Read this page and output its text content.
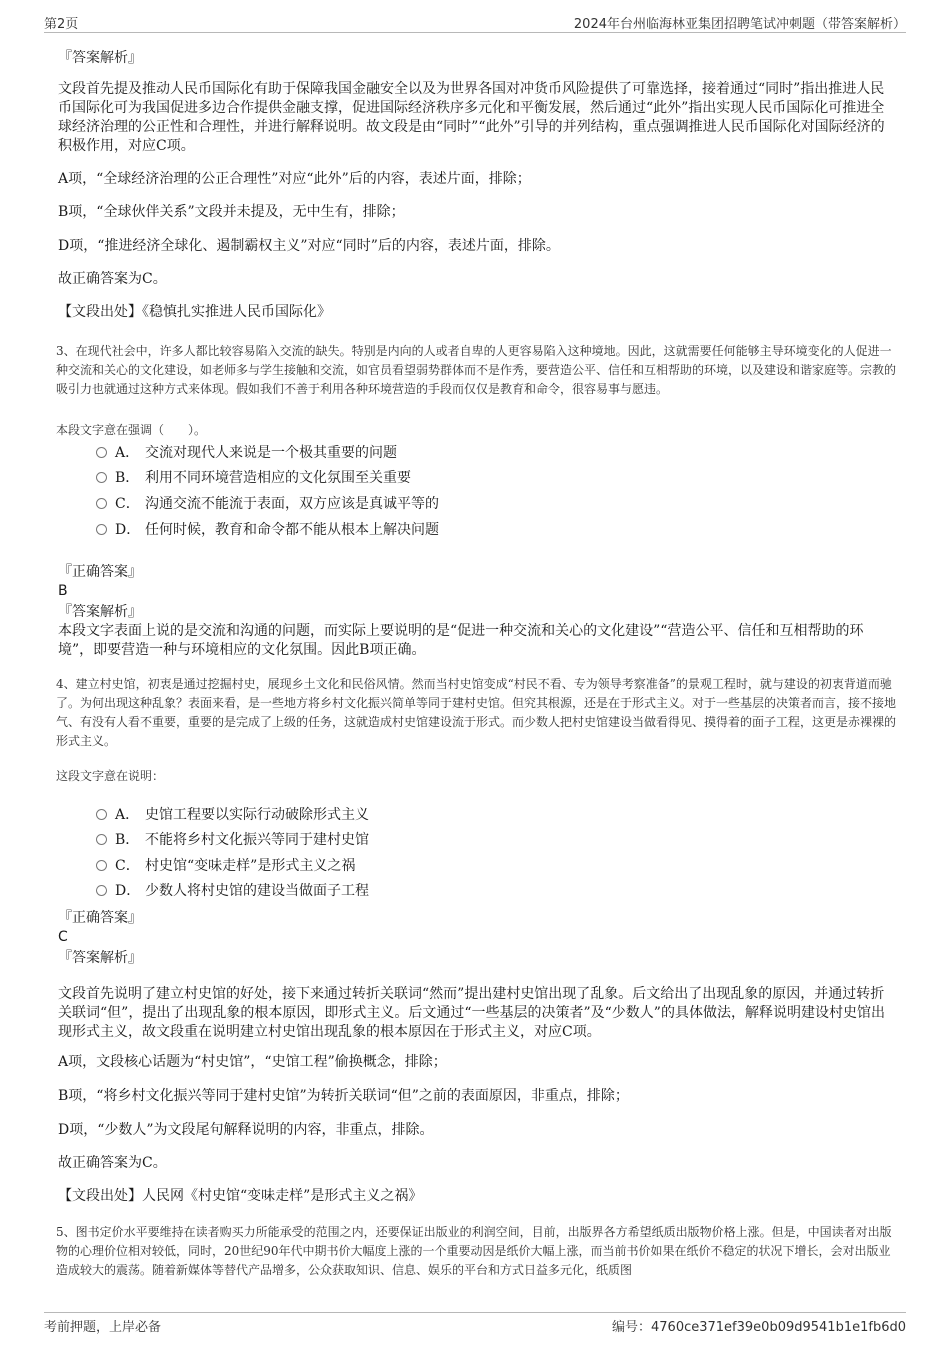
第2页	2024年台州临海林亚集团招聘笔试冲刺题（带答案解析）
『答案解析』
文段首先提及推动人民币国际化有助于保障我国金融安全以及为世界各国对冲货币风险提供了可靠选择，接着通过“同时”指出推进人民币国际化可为我国促进多边合作提供金融支撑，促进国际经济秩序多元化和平衡发展，然后通过“此外”指出实现人民币国际化可推进全球经济治理的公正性和合理性，并进行解释说明。故文段是由“同时”“此外”引导的并列结构，重点强调推进人民币国际化对国际经济的积极作用，对应C项。
A项，“全球经济治理的公正合理性”对应“此外”后的内容，表述片面，排除；
B项，“全球伙伴关系”文段并未提及，无中生有，排除；
D项，“推进经济全球化、遏制霸权主义”对应“同时”后的内容，表述片面，排除。
故正确答案为C。
【文段出处】《稳慎扎实推进人民币国际化》
3、在现代社会中，许多人都比较容易陷入交流的缺失。特别是内向的人或者自卑的人更容易陷入这种境地。因此，这就需要任何能够主导环境变化的人促进一种交流和关心的文化建设，如老师多与学生接触和交流，如官员看望弱势群体而不是作秀，要营造公平、信任和互相帮助的环境，以及建设和谐家庭等。宗教的吸引力也就通过这种方式来体现。假如我们不善于利用各种环境营造的手段而仅仅是教育和命令，很容易事与愿违。
本段文字意在强调（　　）。
A． 交流对现代人来说是一个极其重要的问题
B． 利用不同环境营造相应的文化氛围至关重要
C． 沟通交流不能流于表面，双方应该是真诚平等的
D． 任何时候，教育和命令都不能从根本上解决问题
『正确答案』
B
『答案解析』
本段文字表面上说的是交流和沟通的问题，而实际上要说明的是“促进一种交流和关心的文化建设”“营造公平、信任和互相帮助的环境”，即要营造一种与环境相应的文化氛围。因此B项正确。
4、建立村史馆，初衷是通过挖掘村史，展现乡土文化和民俗风情。然而当村史馆变成“村民不看、专为领导考察准备”的景观工程时，就与建设的初衷背道而驰了。为何出现这种乱象？表面来看，是一些地方将乡村文化振兴简单等同于建村史馆。但究其根源，还是在于形式主义。对于一些基层的决策者而言，接不接地气、有没有人看不重要，重要的是完成了上级的任务，这就造成村史馆建设流于形式。而少数人把村史馆建设当做看得见、摸得着的面子工程，这更是赤裸裸的形式主义。
这段文字意在说明：
A． 史馆工程要以实际行动破除形式主义
B． 不能将乡村文化振兴等同于建村史馆
C． 村史馆“变味走样”是形式主义之祸
D． 少数人将村史馆的建设当做面子工程
『正确答案』
C
『答案解析』
文段首先说明了建立村史馆的好处，接下来通过转折关联词“然而”提出建村史馆出现了乱象。后文给出了出现乱象的原因，并通过转折关联词“但”，提出了出现乱象的根本原因，即形式主义。后文通过“一些基层的决策者”及“少数人”的具体做法，解释说明建设村史馆出现形式主义，故文段重在说明建立村史馆出现乱象的根本原因在于形式主义，对应C项。
A项，文段核心话题为“村史馆”，“史馆工程”偷换概念，排除；
B项，“将乡村文化振兴等同于建村史馆”为转折关联词“但”之前的表面原因，非重点，排除；
D项，“少数人”为文段尾句解释说明的内容，非重点，排除。
故正确答案为C。
【文段出处】人民网《村史馆“变味走样”是形式主义之祸》
5、图书定价水平要维持在读者购买力所能承受的范围之内，还要保证出版业的利润空间，目前，出版界各方希望纸质出版物价格上涨。但是，中国读者对出版物的心理价位相对较低，同时，20世纪90年代中期书价大幅度上涨的一个重要动因是纸价大幅上涨，而当前书价如果在纸价不稳定的状况下增长，会对出版业造成较大的震荡。随着新媒体等替代产品增多，公众获取知识、信息、娱乐的平台和方式日益多元化，纸质图
考前押题，上岸必备	编号：4760ce371ef39e0b09d9541b1e1fb6d0
